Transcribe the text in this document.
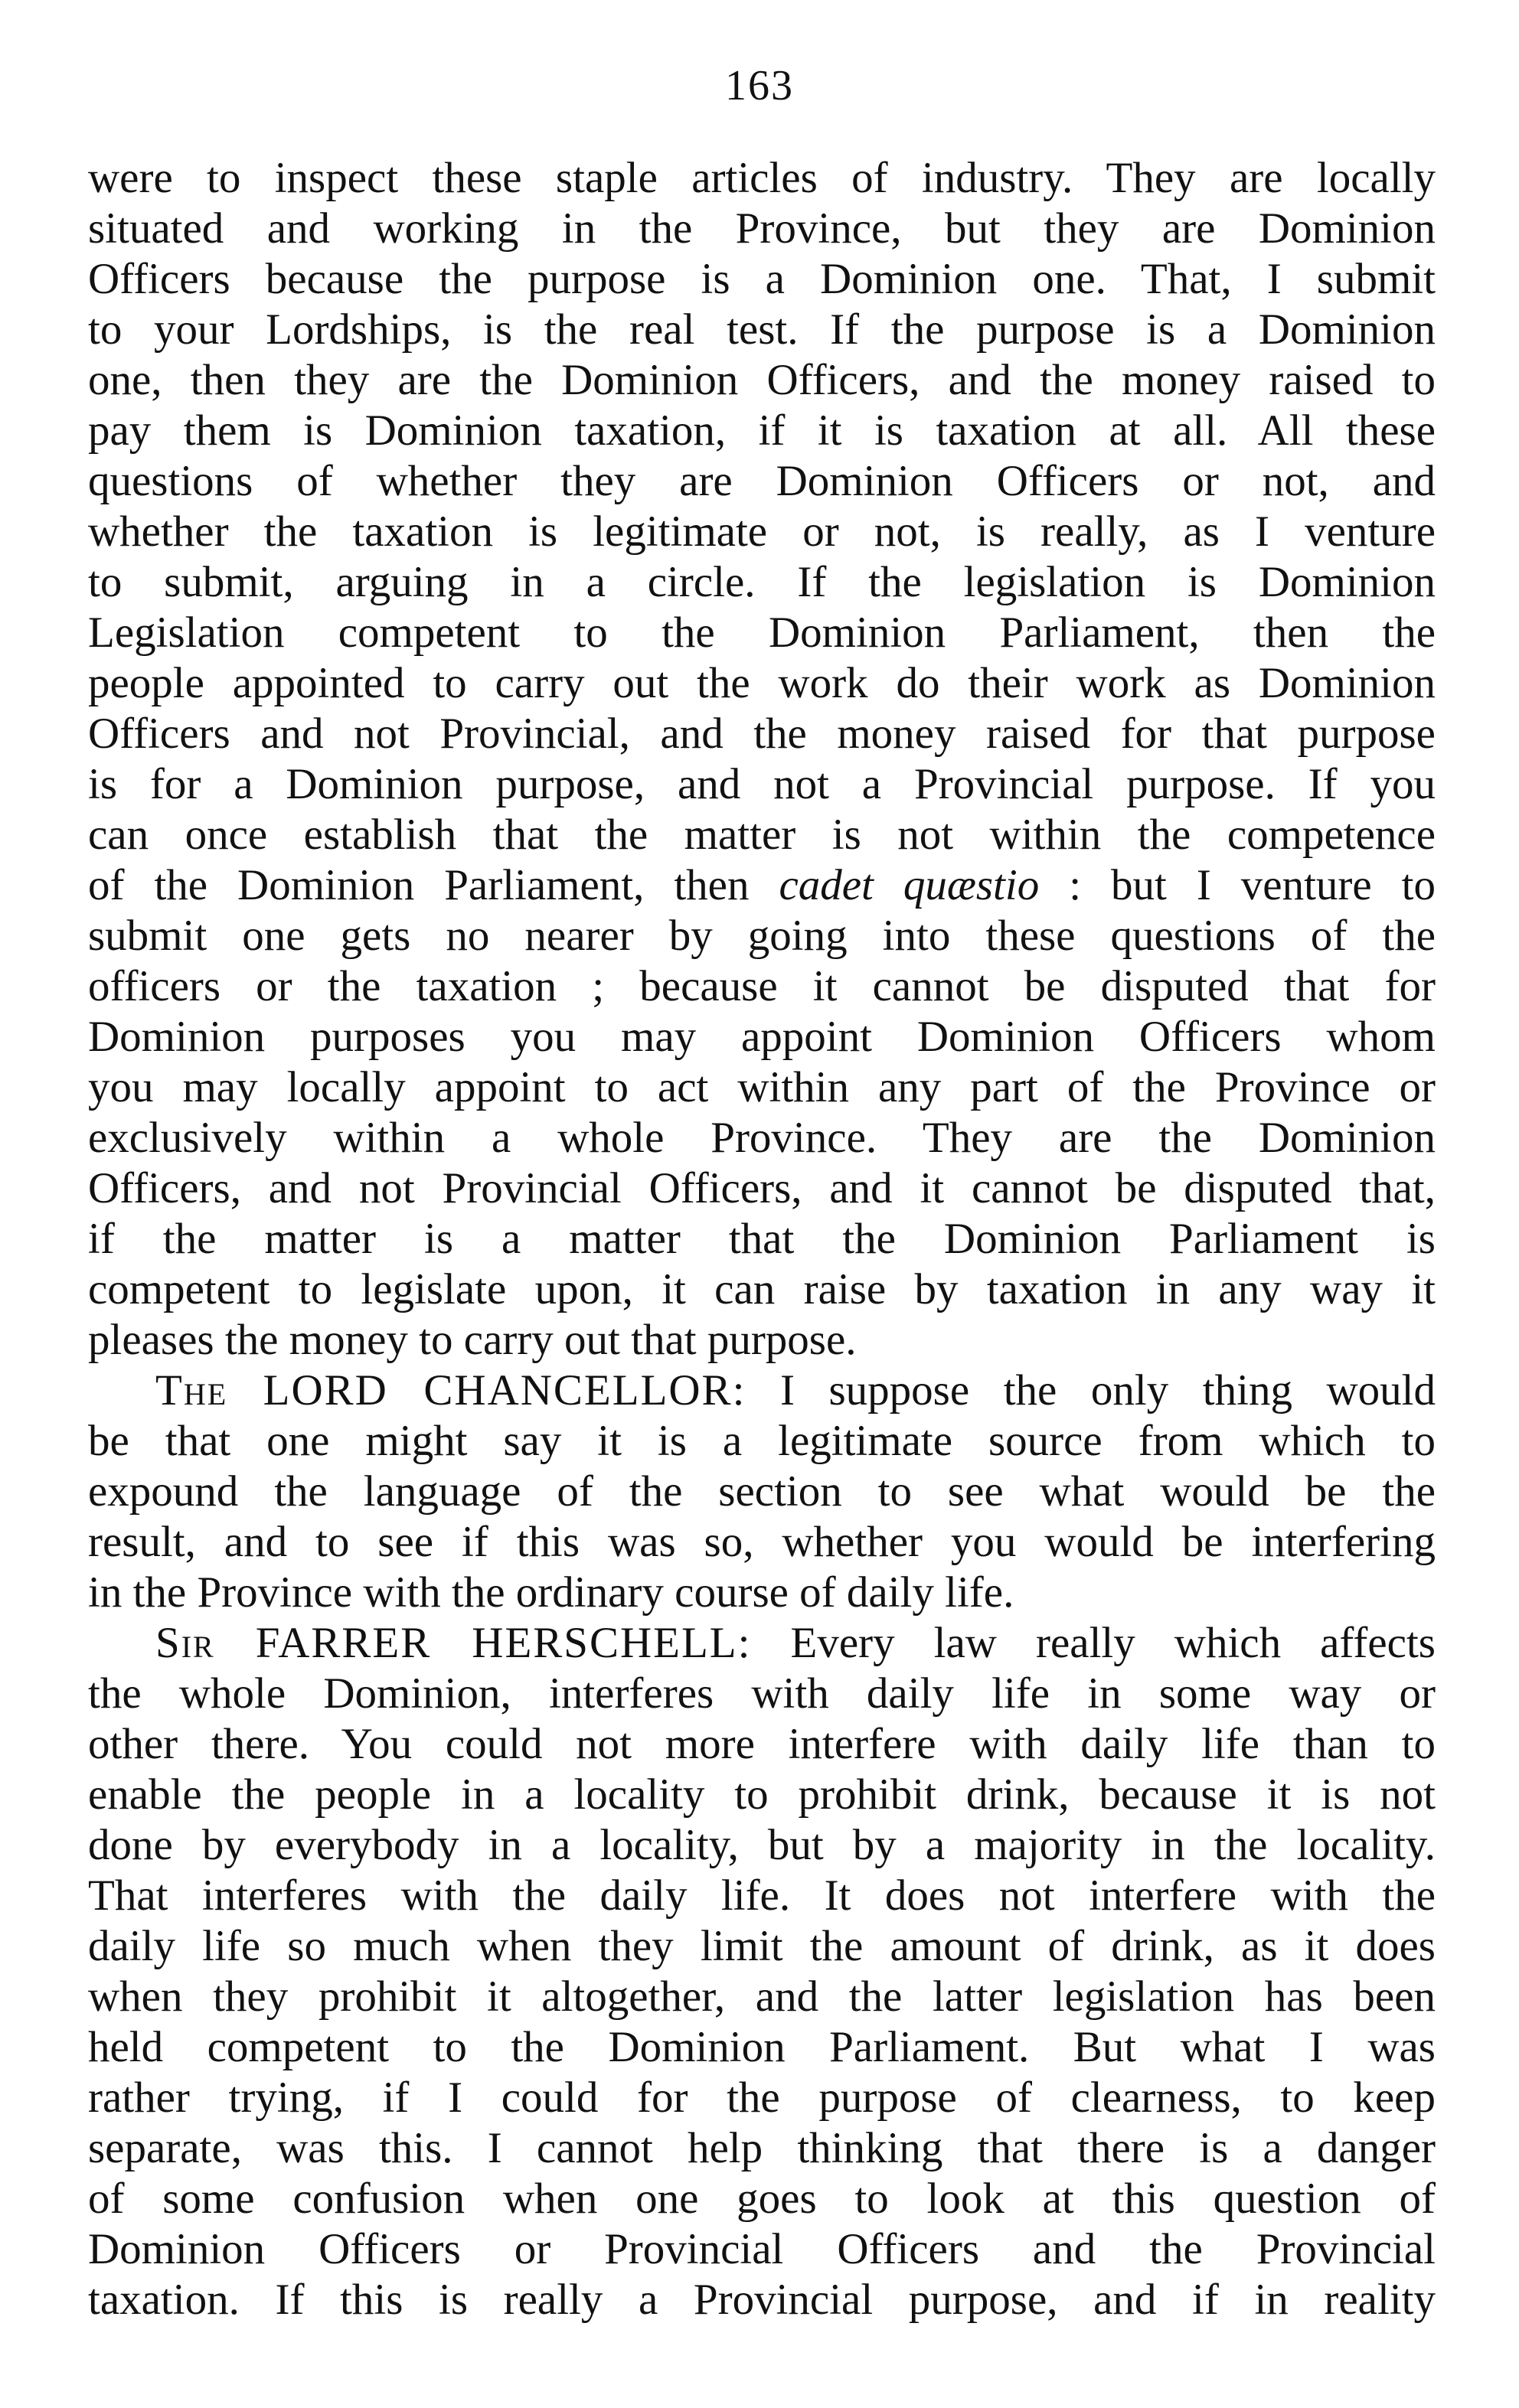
163
were to inspect these staple articles of industry. They are locally
situated and working in the Province, but they are Dominion
Officers because the purpose is a Dominion one. That, I submit
to your Lordships, is the real test. If the purpose is a Dominion
one, then they are the Dominion Officers, and the money raised to
pay them is Dominion taxation, if it is taxation at all. All these
questions of whether they are Dominion Officers or not, and
whether the taxation is legitimate or not, is really, as I venture
to submit, arguing in a circle. If the legislation is Dominion
Legislation competent to the Dominion Parliament, then the
people appointed to carry out the work do their work as Dominion
Officers and not Provincial, and the money raised for that purpose
is for a Dominion purpose, and not a Provincial purpose. If you
can once establish that the matter is not within the competence
of the Dominion Parliament, then cadet quæstio : but I venture to
submit one gets no nearer by going into these questions of the
officers or the taxation ; because it cannot be disputed that for
Dominion purposes you may appoint Dominion Officers whom
you may locally appoint to act within any part of the Province or
exclusively within a whole Province. They are the Dominion
Officers, and not Provincial Officers, and it cannot be disputed that,
if the matter is a matter that the Dominion Parliament is
competent to legislate upon, it can raise by taxation in any way it
pleases the money to carry out that purpose.
The LORD CHANCELLOR: I suppose the only thing would
be that one might say it is a legitimate source from which to
expound the language of the section to see what would be the
result, and to see if this was so, whether you would be interfering
in the Province with the ordinary course of daily life.
Sir FARRER HERSCHELL: Every law really which affects
the whole Dominion, interferes with daily life in some way or
other there. You could not more interfere with daily life than to
enable the people in a locality to prohibit drink, because it is not
done by everybody in a locality, but by a majority in the locality.
That interferes with the daily life. It does not interfere with the
daily life so much when they limit the amount of drink, as it does
when they prohibit it altogether, and the latter legislation has been
held competent to the Dominion Parliament. But what I was
rather trying, if I could for the purpose of clearness, to keep
separate, was this. I cannot help thinking that there is a danger
of some confusion when one goes to look at this question of
Dominion Officers or Provincial Officers and the Provincial
taxation. If this is really a Provincial purpose, and if in reality
